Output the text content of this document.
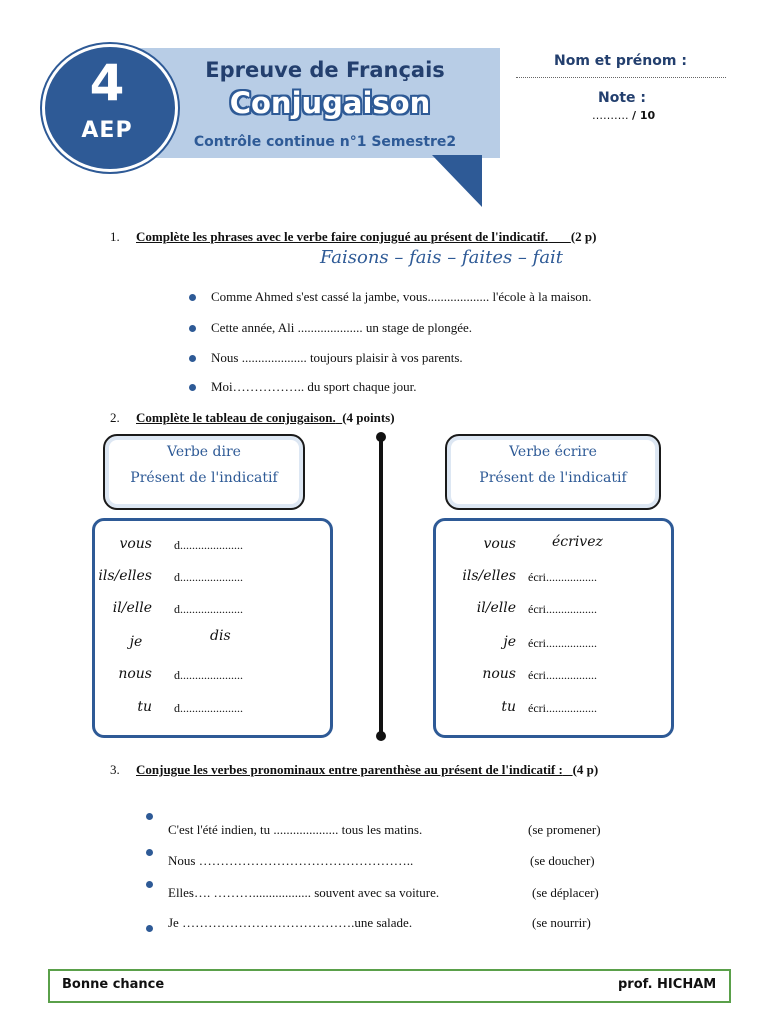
4
AEP
Epreuve de Français
Conjugaison
Contrôle continue n°1 Semestre2
Nom et prénom :
Note :
………. / 10
1. Complète les phrases avec le verbe faire conjugué au présent de l'indicatif. (2 p)
Faisons – fais – faites – fait
Comme Ahmed s'est cassé la jambe, vous................... l'école à la maison.
Cette année, Ali .................... un stage de plongée.
Nous .................... toujours plaisir à vos parents.
Moi…………….. du sport chaque jour.
2. Complète le tableau de conjugaison. (4 points)
Verbe dire
Présent de l'indicatif
vous d.....................
ils/elles d.....................
il/elle d.....................
je	dis
nous d.....................
tu d.....................
Verbe écrire
Présent de l'indicatif
vous	écrivez
ils/elles écri.................
il/elle écri.................
je écri.................
nous écri.................
tu écri.................
3. Conjugue les verbes pronominaux entre parenthèse au présent de l'indicatif : (4 p)
C'est l'été indien, tu .................... tous les matins.	(se promener)
Nous …………………………………………..	(se doucher)
Elles…. ……….................. souvent avec sa voiture.	(se déplacer)
Je ………………………………….une salade.	(se nourrir)
Bonne chance	prof. HICHAM
